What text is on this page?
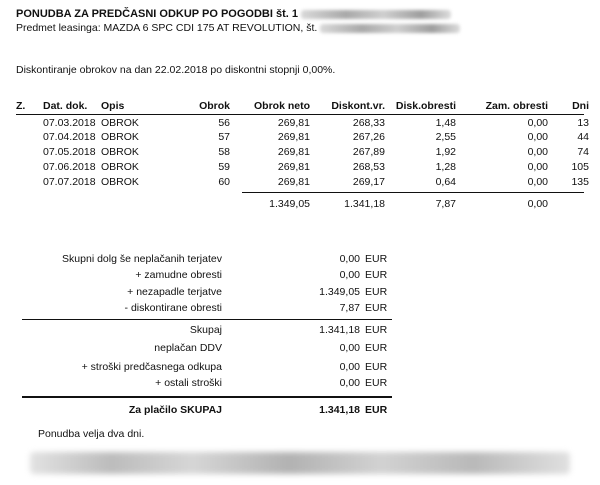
PONUDBA ZA PREDČASNI ODKUP PO POGODBI št. 1
Predmet leasinga: MAZDA 6 SPC CDI 175 AT REVOLUTION, št.
Diskontiranje obrokov na dan 22.02.2018 po diskontni stopnji 0,00%.
Z. Dat. dok. Opis	Obrok Obrok neto Diskont.vr. Disk.obresti	Zam. obresti Dni
07.03.2018 OBROK	56	269,81	268,33	1,48	0,00	13
07.04.2018 OBROK	57	269,81	267,26	2,55	0,00	44
07.05.2018 OBROK	58	269,81	267,89	1,92	0,00	74
07.06.2018 OBROK	59	269,81	268,53	1,28	0,00 105
07.07.2018 OBROK	60	269,81	269,17	0,64	0,00 135
1.349,05	1.341,18	7,87	0,00
Skupni dolg še neplačanih terjatev	0,00 EUR
+ zamudne obresti	0,00 EUR
+ nezapadle terjatve	1.349,05 EUR
- diskontirane obresti	7,87 EUR
Skupaj	1.341,18 EUR
neplačan DDV	0,00 EUR
+ stroški predčasnega odkupa	0,00 EUR
+ ostali stroški	0,00 EUR
Za plačilo SKUPAJ	1.341,18 EUR
Ponudba velja dva dni.
